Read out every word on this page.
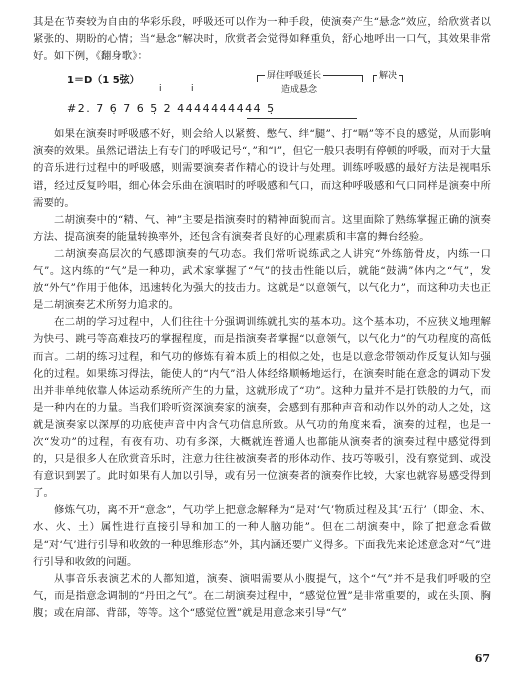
其是在节奏较为自由的华彩乐段，呼吸还可以作为一种手段，使演奏产生“悬念”效应，给欣赏者以紧张的、期盼的心情；当“悬念”解决时，欣赏者会觉得如释重负，舒心地呼出一口气，其效果非常好。如下例，《翻身歌》：

1＝D（1 5弦）	屏住呼吸延长
造成悬念
解决
i	i
#2. 7 6̣ 7 6 5̣ 2 4444444444 5̣

如果在演奏时呼吸感不好，则会给人以紧赘、憋气、绊“腿”、打“嗝”等不良的感觉，从而影响演奏的效果。虽然记谱法上有专门的呼吸记号“，”和“ǀ”，但它一般只表明有停顿的呼吸，而对于大量的音乐进行过程中的呼吸感，则需要演奏者作精心的设计与处理。训练呼吸感的最好方法是视唱乐谱，经过反复吟唱，细心体会乐曲在演唱时的呼吸感和气口，而这种呼吸感和气口同样是演奏中所需要的。

二胡演奏中的“精、气、神”主要是指演奏时的精神面貌而言。这里面除了熟练掌握正确的演奏方法、提高演奏的能量转换率外，还包含有演奏者良好的心理素质和丰富的舞台经验。

二胡演奏高层次的气感即演奏的气功态。我们常听说练武之人讲究“外练筋骨皮，内练一口气”。这内练的“气”是一种功，武术家掌握了“气”的技击性能以后，就能“鼓满”体内之“气”，发放“外气”作用于他体，迅速转化为强大的技击力。这就是“以意领气，以气化力”，而这种功夫也正是二胡演奏艺术所努力追求的。

在二胡的学习过程中，人们往往十分强调训练就扎实的基本功。这个基本功，不应狭义地理解为快弓、跳弓等高难技巧的掌握程度，而是指演奏者掌握“以意领气，以气化力”的气功程度的高低而言。二胡的练习过程，和气功的修炼有着本质上的相似之处，也是以意念带领动作反复认知与强化的过程。如果练习得法，能使人的“内气”沿人体经络顺畅地运行，在演奏时能在意念的调动下发出并非单纯依靠人体运动系统所产生的力量，这就形成了“功”。这种力量并不是打铁般的力气，而是一种内在的力量。当我们聆听资深演奏家的演奏，会感到有那种声音和动作以外的动人之处，这就是演奏家以深厚的功底使声音中内含气功信息所致。从气功的角度来看，演奏的过程，也是一次“发功”的过程，有夜有功、功有多深，大概就连普通人也都能从演奏者的演奏过程中感觉得到的，只是很多人在欣赏音乐时，注意力往往被演奏者的形体动作、技巧等吸引，没有察觉到、或没有意识到罢了。此时如果有人加以引导，或有另一位演奏者的演奏作比较，大家也就容易感受得到了。

修炼气功，离不开“意念”，气功学上把意念解释为“是对‘气’物质过程及其‘五行’（即金、木、水、火、土）属性进行直接引导和加工的一种人脑功能”。但在二胡演奏中，除了把意念看做是“对‘气’进行引导和收敛的一种思维形态”外，其内涵还要广义得多。下面我先来论述意念对“气”进行引导和收敛的问题。

从事音乐表演艺术的人都知道，演奏、演唱需要从小腹提气，这个“气”并不是我们呼吸的空气，而是指意念调制的“丹田之气”。在二胡演奏过程中，“感觉位置”是非常重要的，或在头顶、胸腹；或在肩部、背部，等等。这个“感觉位置”就是用意念来引导“气”

67
